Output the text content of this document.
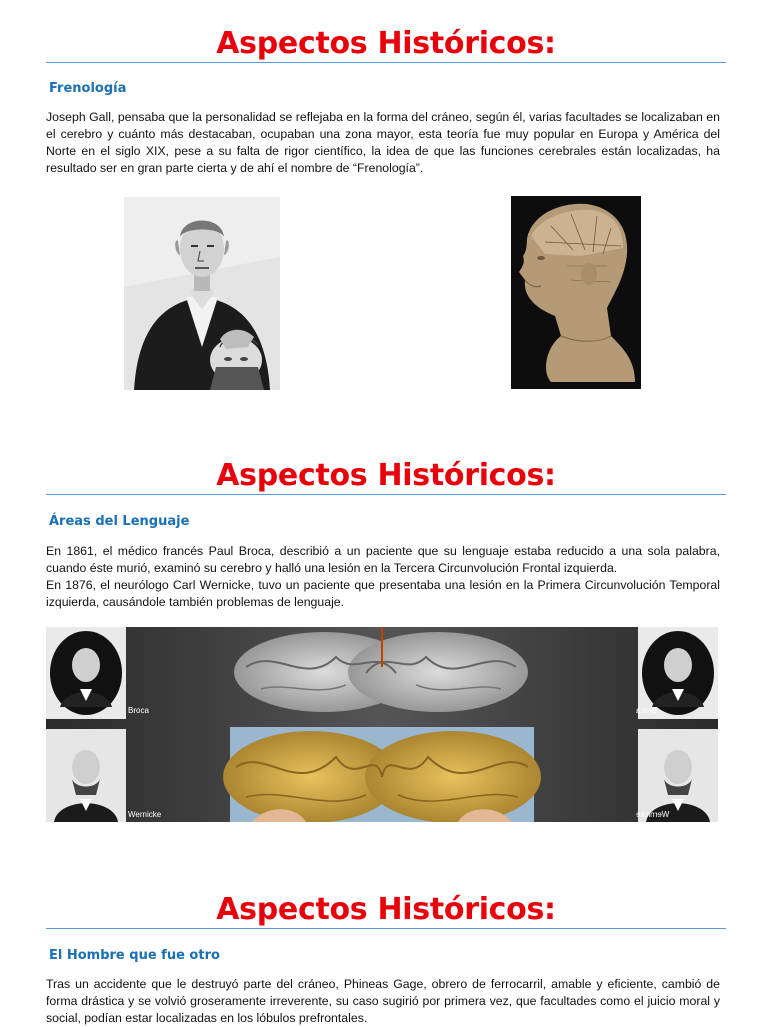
Aspectos Históricos:
Frenología

Joseph Gall, pensaba que la personalidad se reflejaba en la forma del cráneo, según él, varias facultades se localizaban en el cerebro y cuánto más destacaban, ocupaban una zona mayor, esta teoría fue muy popular en Europa y América del Norte en el siglo XIX, pese a su falta de rigor científico, la idea de que las funciones cerebrales están localizadas, ha resultado ser en gran parte cierta y de ahí el nombre de “Frenología”.

Aspectos Históricos:
Áreas del Lenguaje

En 1861, el médico francés Paul Broca, describió a un paciente que su lenguaje estaba reducido a una sola palabra, cuando éste murió, examinó su cerebro y halló una lesión en la Tercera Circunvolución Frontal izquierda.

En 1876, el neurólogo Carl Wernicke, tuvo un paciente que presentaba una lesión en la Primera Circunvolución Temporal izquierda, causándole también problemas de lenguaje.

Broca
Wernicke
Broca
Wernicke
Aspectos Históricos:
El Hombre que fue otro

Tras un accidente que le destruyó parte del cráneo, Phineas Gage, obrero de ferrocarril, amable y eficiente, cambió de forma drástica y se volvió groseramente irreverente, su caso sugirió por primera vez, que facultades como el juicio moral y social, podían estar localizadas en los lóbulos prefrontales.
